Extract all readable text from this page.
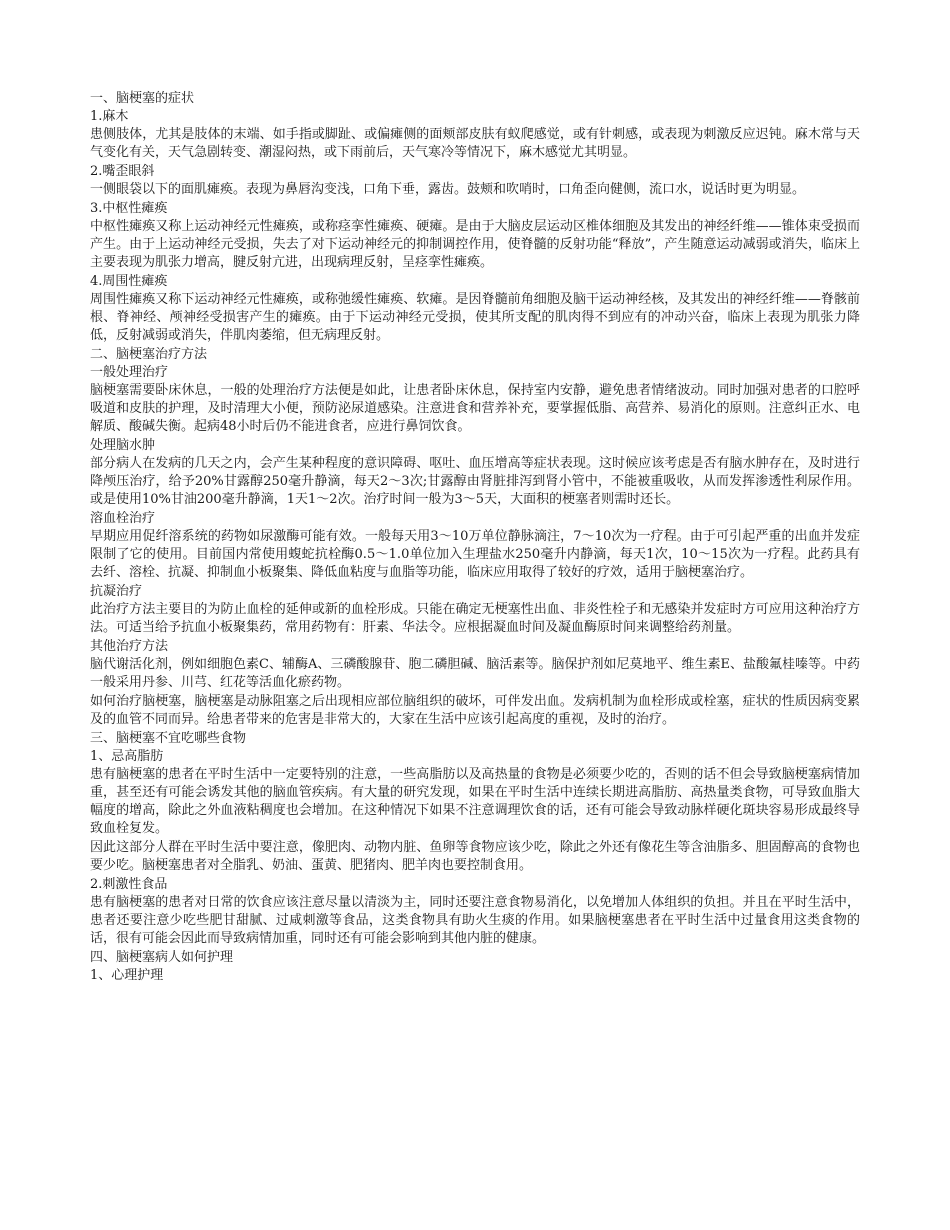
一、脑梗塞的症状
1.麻木
患侧肢体，尤其是肢体的末端、如手指或脚趾、或偏瘫侧的面颊部皮肤有蚁爬感觉，或有针刺感，或表现为刺激反应迟钝。麻木常与天气变化有关，天气急剧转变、潮湿闷热，或下雨前后，天气寒冷等情况下，麻木感觉尤其明显。
2.嘴歪眼斜
一侧眼袋以下的面肌瘫痪。表现为鼻唇沟变浅，口角下垂，露齿。鼓颊和吹哨时，口角歪向健侧，流口水，说话时更为明显。
3.中枢性瘫痪
中枢性瘫痪又称上运动神经元性瘫痪，或称痉挛性瘫痪、硬瘫。是由于大脑皮层运动区椎体细胞及其发出的神经纤维——锥体束受损而产生。由于上运动神经元受损，失去了对下运动神经元的抑制调控作用，使脊髓的反射功能“释放”，产生随意运动减弱或消失，临床上主要表现为肌张力增高，腱反射亢进，出现病理反射，呈痉挛性瘫痪。
4.周围性瘫痪
周围性瘫痪又称下运动神经元性瘫痪，或称弛缓性瘫痪、软瘫。是因脊髓前角细胞及脑干运动神经核，及其发出的神经纤维——脊骸前根、脊神经、颅神经受损害产生的瘫痪。由于下运动神经元受损，使其所支配的肌肉得不到应有的冲动兴奋，临床上表现为肌张力降低，反射减弱或消失，伴肌肉萎缩，但无病理反射。
二、脑梗塞治疗方法
一般处理治疗
脑梗塞需要卧床休息，一般的处理治疗方法便是如此，让患者卧床休息，保持室内安静，避免患者情绪波动。同时加强对患者的口腔呼吸道和皮肤的护理，及时清理大小便，预防泌尿道感染。注意进食和营养补充，要掌握低脂、高营养、易消化的原则。注意纠正水、电解质、酸碱失衡。起病48小时后仍不能进食者，应进行鼻饲饮食。
处理脑水肿
部分病人在发病的几天之内，会产生某种程度的意识障碍、呕吐、血压增高等症状表现。这时候应该考虑是否有脑水肿存在，及时进行降颅压治疗，给予20%甘露醇250毫升静滴，每天2～3次;甘露醇由肾脏排泻到肾小管中，不能被重吸收，从而发挥渗透性利尿作用。或是使用10%甘油200毫升静滴，1天1～2次。治疗时间一般为3～5天，大面积的梗塞者则需时还长。
溶血栓治疗
早期应用促纤溶系统的药物如尿激酶可能有效。一般每天用3～10万单位静脉滴注，7～10次为一疗程。由于可引起严重的出血并发症限制了它的使用。目前国内常使用蝮蛇抗栓酶0.5～1.0单位加入生理盐水250毫升内静滴，每天1次，10～15次为一疗程。此药具有去纤、溶栓、抗凝、抑制血小板聚集、降低血粘度与血脂等功能，临床应用取得了较好的疗效，适用于脑梗塞治疗。
抗凝治疗
此治疗方法主要目的为防止血栓的延伸或新的血栓形成。只能在确定无梗塞性出血、非炎性栓子和无感染并发症时方可应用这种治疗方法。可适当给予抗血小板聚集药，常用药物有：肝素、华法令。应根据凝血时间及凝血酶原时间来调整给药剂量。
其他治疗方法
脑代谢活化剂，例如细胞色素C、辅酶A、三磷酸腺苷、胞二磷胆碱、脑活素等。脑保护剂如尼莫地平、维生素E、盐酸氟桂嗪等。中药一般采用丹参、川芎、红花等活血化瘀药物。
如何治疗脑梗塞，脑梗塞是动脉阻塞之后出现相应部位脑组织的破坏，可伴发出血。发病机制为血栓形成或栓塞，症状的性质因病变累及的血管不同而异。给患者带来的危害是非常大的，大家在生活中应该引起高度的重视，及时的治疗。
三、脑梗塞不宜吃哪些食物
1、忌高脂肪
患有脑梗塞的患者在平时生活中一定要特别的注意，一些高脂肪以及高热量的食物是必须要少吃的，否则的话不但会导致脑梗塞病情加重，甚至还有可能会诱发其他的脑血管疾病。有大量的研究发现，如果在平时生活中连续长期进高脂肪、高热量类食物，可导致血脂大幅度的增高，除此之外血液粘稠度也会增加。在这种情况下如果不注意调理饮食的话，还有可能会导致动脉样硬化斑块容易形成最终导致血栓复发。
因此这部分人群在平时生活中要注意，像肥肉、动物内脏、鱼卵等食物应该少吃，除此之外还有像花生等含油脂多、胆固醇高的食物也要少吃。脑梗塞患者对全脂乳、奶油、蛋黄、肥猪肉、肥羊肉也要控制食用。
2.刺激性食品
患有脑梗塞的患者对日常的饮食应该注意尽量以清淡为主，同时还要注意食物易消化，以免增加人体组织的负担。并且在平时生活中，患者还要注意少吃些肥甘甜腻、过咸刺激等食品，这类食物具有助火生痰的作用。如果脑梗塞患者在平时生活中过量食用这类食物的话，很有可能会因此而导致病情加重，同时还有可能会影响到其他内脏的健康。
四、脑梗塞病人如何护理
1、心理护理
